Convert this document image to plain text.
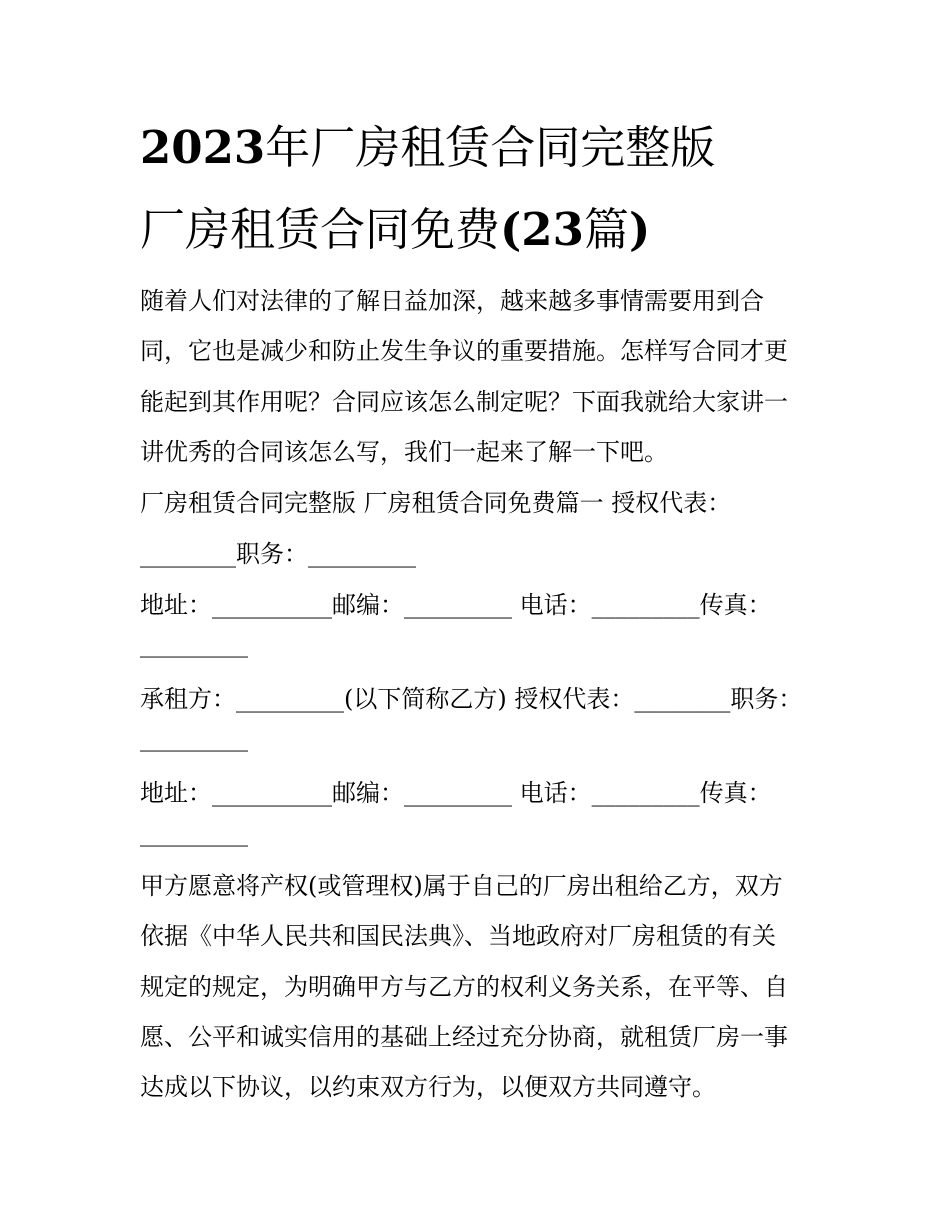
2023年厂房租赁合同完整版
厂房租赁合同免费(23篇)

随着人们对法律的了解日益加深，越来越多事情需要用到合

同，它也是减少和防止发生争议的重要措施。怎样写合同才更

能起到其作用呢？合同应该怎么制定呢？下面我就给大家讲一

讲优秀的合同该怎么写，我们一起来了解一下吧。

厂房租赁合同完整版 厂房租赁合同免费篇一 授权代表：

________职务：_________

地址：__________邮编：_________ 电话：_________传真：

_________

承租方：_________(以下简称乙方) 授权代表：________职务：

_________

地址：__________邮编：_________ 电话：_________传真：

_________

甲方愿意将产权(或管理权)属于自己的厂房出租给乙方，双方

依据《中华人民共和国民法典》、当地政府对厂房租赁的有关

规定的规定，为明确甲方与乙方的权利义务关系，在平等、自

愿、公平和诚实信用的基础上经过充分协商，就租赁厂房一事

达成以下协议，以约束双方行为，以便双方共同遵守。
